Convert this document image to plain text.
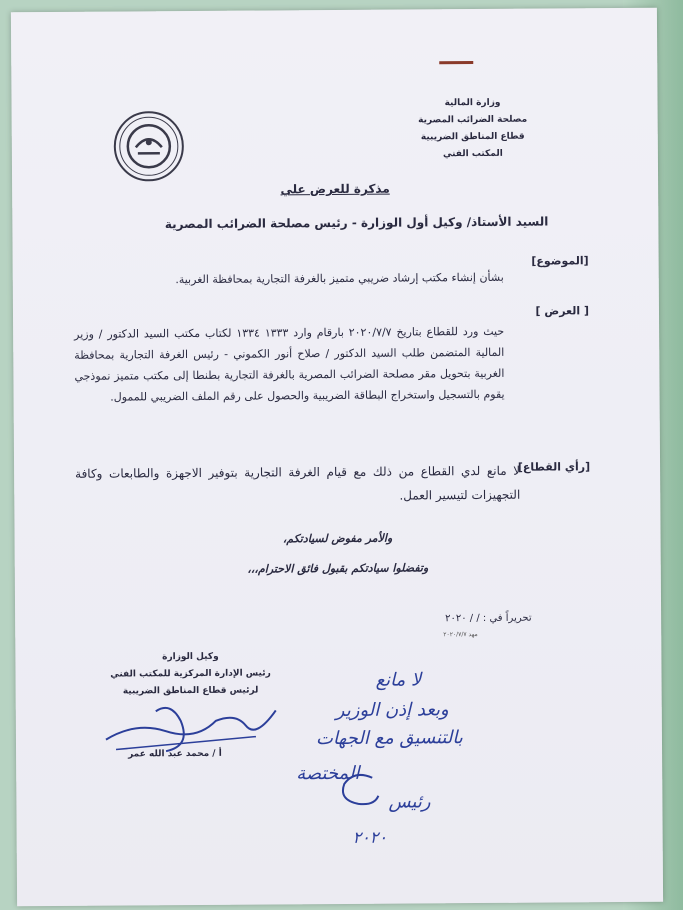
وزارة المالية
مصلحة الضرائب المصرية
قطاع المناطق الضريبية
المكتب الفني
مذكرة للعرض علي
السيد الأستاذ/ وكيل أول الوزارة - رئيس مصلحة الضرائب المصرية
[الموضوع]
بشأن إنشاء مكتب إرشاد ضريبي متميز بالغرفة التجارية بمحافظة الغربية.
[ العرض ]
حيث ورد للقطاع بتاريخ ٢٠٢٠/٧/٧ بارقام وارد ١٣٣٣ ١٣٣٤ لكتاب مكتب السيد الدكتور / وزير المالية المتضمن طلب السيد الدكتور / صلاح أنور الكموني - رئيس الغرفة التجارية بمحافظة الغربية بتحويل مقر مصلحة الضرائب المصرية بالغرفة التجارية بطنطا إلى مكتب متميز نموذجي يقوم بالتسجيل واستخراج البطاقة الضريبية والحصول على رقم الملف الضريبي للممول.
[رأي القطاع]
لا مانع لدي القطاع من ذلك مع قيام الغرفة التجارية بتوفير الاجهزة والطابعات وكافة التجهيزات لتيسير العمل.
والأمر مفوض لسيادتكم،
وتفضلوا سيادتكم بقبول فائق الاحترام،،،
تحريراً في : / / ٢٠٢٠
مهد ٢٠٢٠/٧/٧
وكيل الوزارة
رئيس الإدارة المركزية للمكتب الفني
لرئيس قطاع المناطق الضريبية
أ / محمد عبد الله عمر
لا مانع
وبعد إذن الوزير
بالتنسيق مع الجهات
المختصة
رئيس
٢٠٢٠
